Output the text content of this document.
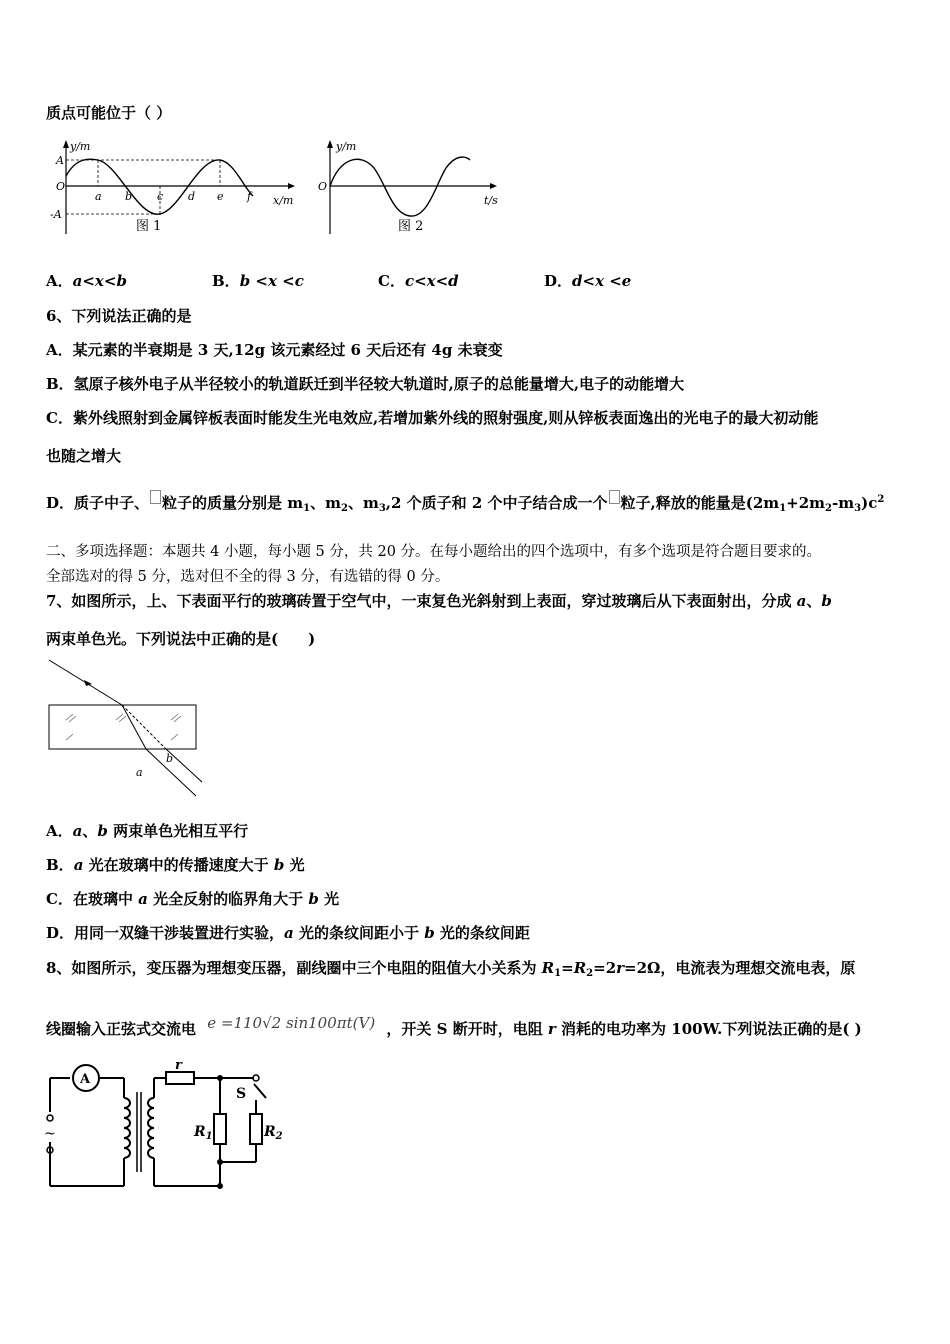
质点可能位于（ ）
y/m
A
O
-A
a b c d e f x/m
图 1
y/m
O
t/s
图 2
A．a<x<b	B．b <x <c	C．c<x<d	D．d<x <e
6、下列说法正确的是
A．某元素的半衰期是 3 天,12g 该元素经过 6 天后还有 4g 未衰变
B．氢原子核外电子从半径较小的轨道跃迁到半径较大轨道时,原子的总能量增大,电子的动能增大
C．紫外线照射到金属锌板表面时能发生光电效应,若增加紫外线的照射强度,则从锌板表面逸出的光电子的最大初动能
也随之增大
D．质子中子、 粒子的质量分别是 $m_1$、$m_2$、$m_3,2$ 个质子和 2 个中子结合成一个 粒子,释放的能量是$(2m_1+2m_2-m_3)c^2$
二、多项选择题：本题共 4 小题，每小题 5 分，共 20 分。在每小题给出的四个选项中，有多个选项是符合题目要求的。
全部选对的得 5 分，选对但不全的得 3 分，有选错的得 0 分。
7、如图所示，上、下表面平行的玻璃砖置于空气中，一束复色光斜射到上表面，穿过玻璃后从下表面射出，分成 a、b
两束单色光。下列说法中正确的是(　　)
a
b
A．a、b 两束单色光相互平行
B．a 光在玻璃中的传播速度大于 b 光
C．在玻璃中 a 光全反射的临界角大于 b 光
D．用同一双缝干涉装置进行实验，a 光的条纹间距小于 b 光的条纹间距
8、如图所示，变压器为理想变压器，副线圈中三个电阻的阻值大小关系为 $R_1=R_2=2r=2\Omega$，电流表为理想交流电表，原
线圈输入正弦式交流电 e =110√2 sin100πt(V) ，开关 S 断开时，电阻 r 消耗的电功率为 100W.下列说法正确的是( )
~
A
r
S
$R_1$	$R_2$
